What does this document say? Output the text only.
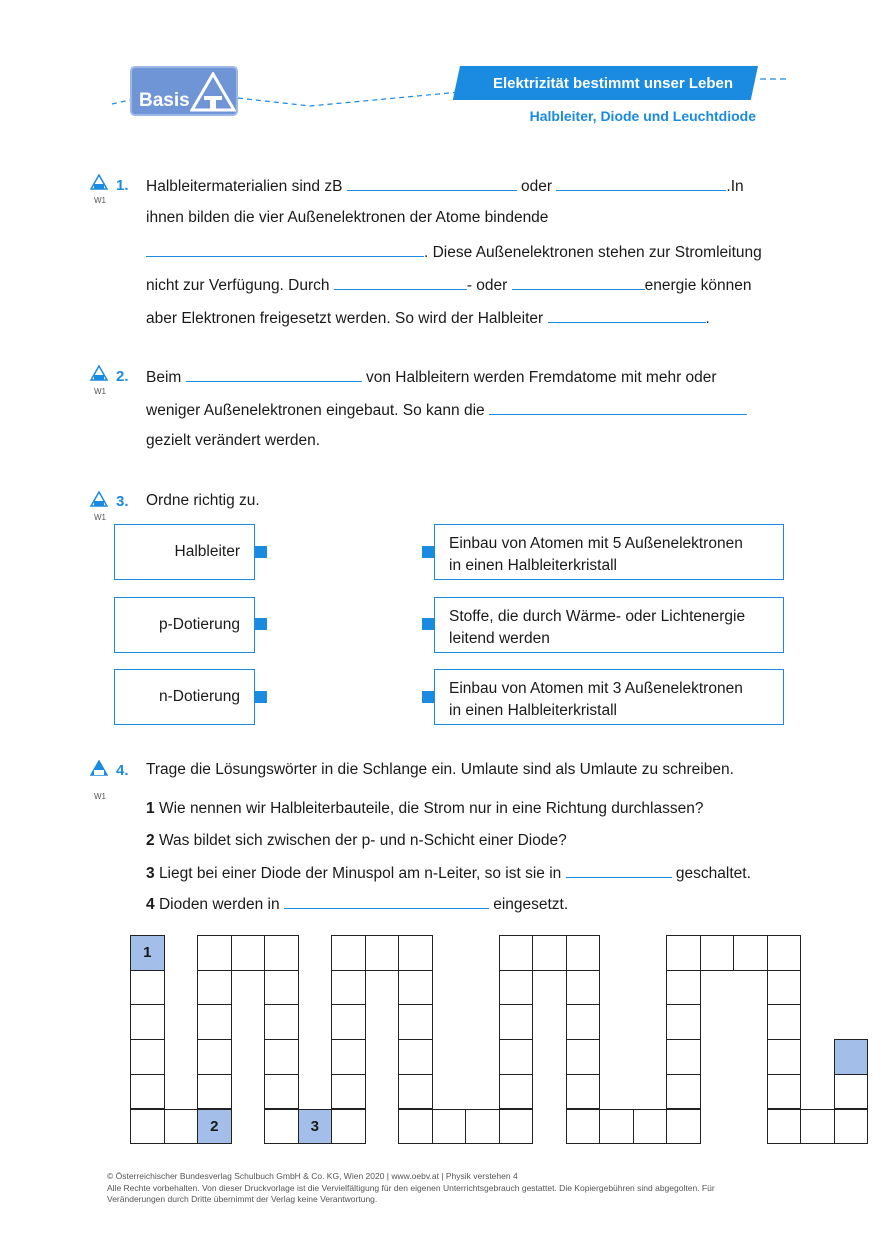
Basis
Elektrizität bestimmt unser Leben
Halbleiter, Diode und Leuchtdiode
W1
W1
W1
W1
1. Halbleitermaterialien sind zB	oder	.In
ihnen bilden die vier Außenelektronen der Atome bindende
. Diese Außenelektronen stehen zur Stromleitung
nicht zur Verfügung. Durch	- oder	energie können
aber Elektronen freigesetzt werden. So wird der Halbleiter	.
2. Beim	von Halbleitern werden Fremdatome mit mehr oder
weniger Außenelektronen eingebaut. So kann die
gezielt verändert werden.
3. Ordne richtig zu.
Halbleiter
p-Dotierung
n-Dotierung
Einbau von Atomen mit 5 Außenelektronen
in einen Halbleiterkristall
Stoffe, die durch Wärme- oder Lichtenergie
leitend werden
Einbau von Atomen mit 3 Außenelektronen
in einen Halbleiterkristall
4. Trage die Lösungswörter in die Schlange ein. Umlaute sind als Umlaute zu schreiben.
1 Wie nennen wir Halbleiterbauteile, die Strom nur in eine Richtung durchlassen?
2 Was bildet sich zwischen der p- und n-Schicht einer Diode?
3 Liegt bei einer Diode der Minuspol am n-Leiter, so ist sie in	geschaltet.
4 Dioden werden in	eingesetzt.
1
2	3
© Österreichischer Bundesverlag Schulbuch GmbH & Co. KG, Wien 2020 | www.oebv.at | Physik verstehen 4
Alle Rechte vorbehalten. Von dieser Druckvorlage ist die Vervielfältigung für den eigenen Unterrichtsgebrauch gestattet. Die Kopiergebühren sind abgegolten. Für
Veränderungen durch Dritte übernimmt der Verlag keine Verantwortung.
